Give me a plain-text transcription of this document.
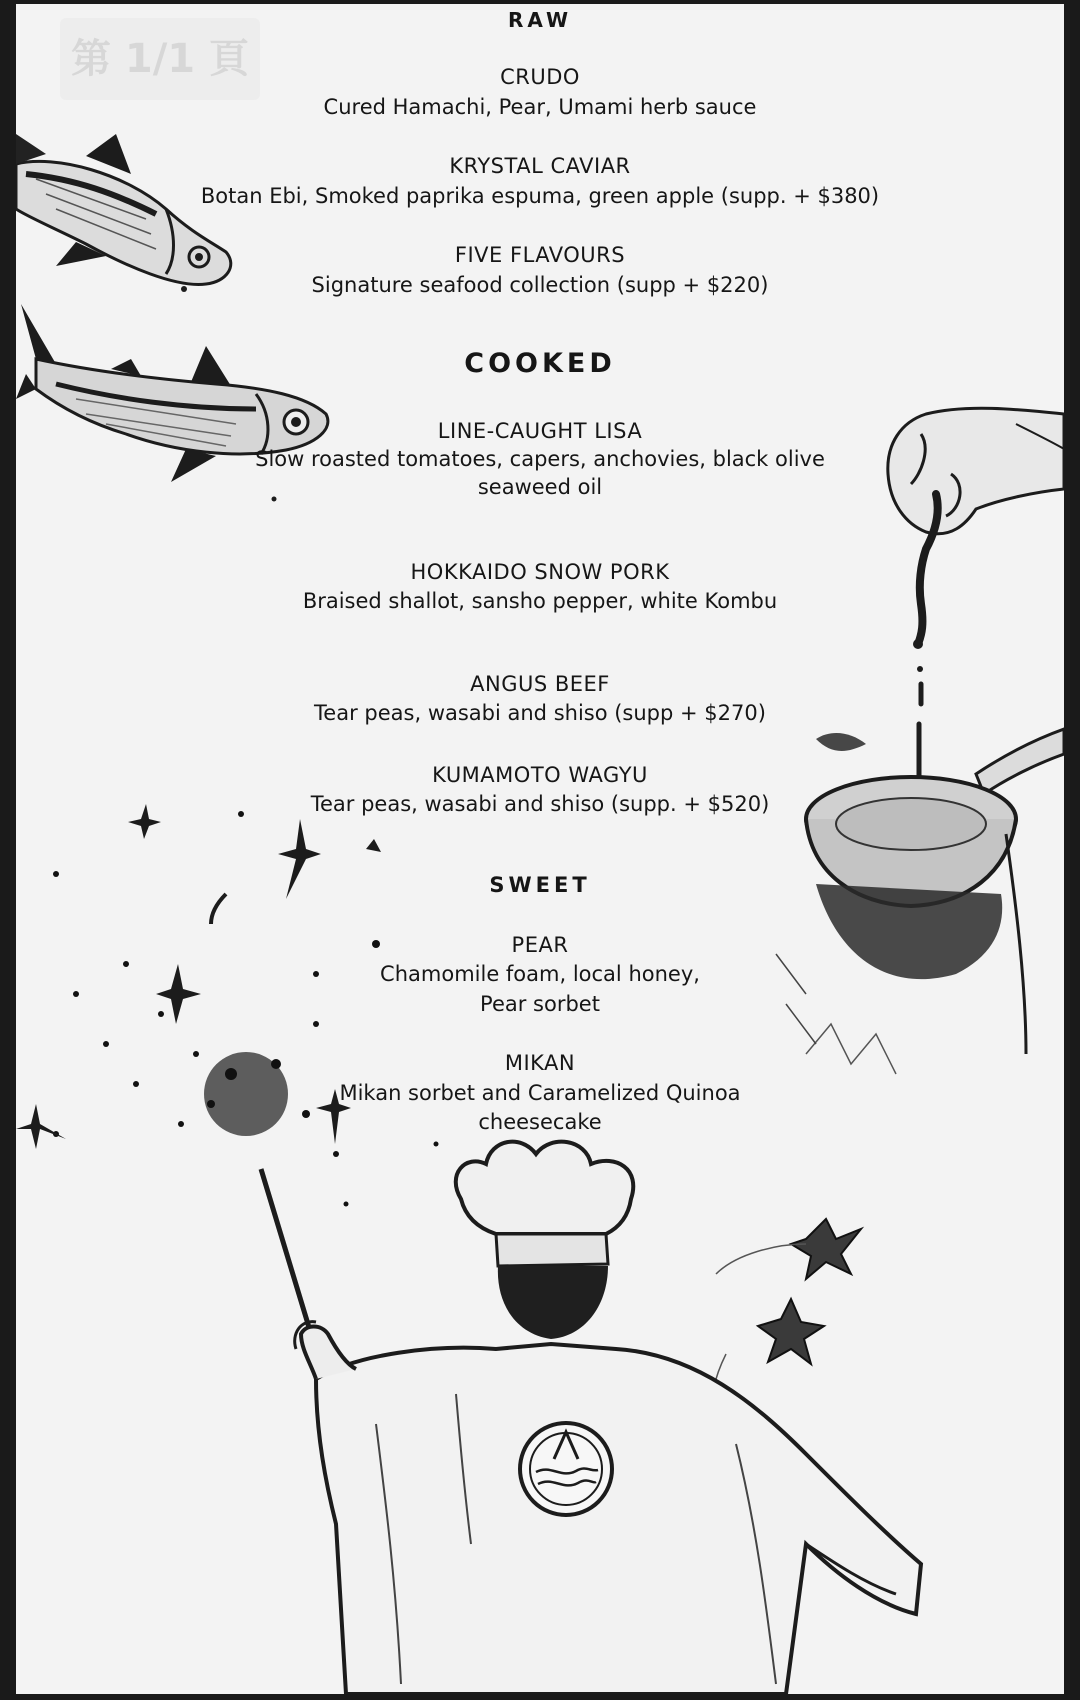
第 1/1 頁
RAW
CRUDO
Cured Hamachi, Pear, Umami herb sauce
KRYSTAL CAVIAR
Botan Ebi, Smoked paprika espuma, green apple (supp. + $380)
FIVE FLAVOURS
Signature seafood collection (supp + $220)
COOKED
LINE-CAUGHT LISA
Slow roasted tomatoes, capers, anchovies, black olive
seaweed oil
HOKKAIDO SNOW PORK
Braised shallot, sansho pepper, white Kombu
ANGUS BEEF
Tear peas, wasabi and shiso (supp + $270)
KUMAMOTO WAGYU
Tear peas, wasabi and shiso (supp. + $520)
SWEET
PEAR
Chamomile foam, local honey,
Pear sorbet
MIKAN
Mikan sorbet and Caramelized Quinoa
cheesecake
